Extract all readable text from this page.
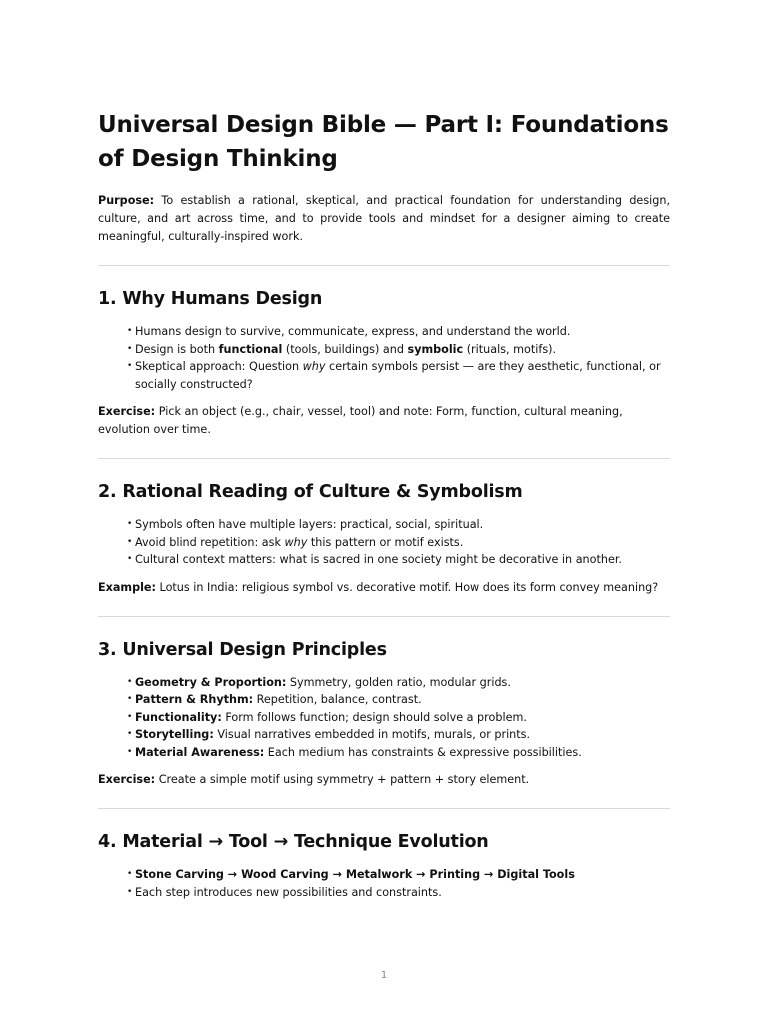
Universal Design Bible — Part I: Foundations of Design Thinking

Purpose: To establish a rational, skeptical, and practical foundation for understanding design, culture, and art across time, and to provide tools and mindset for a designer aiming to create meaningful, culturally-inspired work.

1. Why Humans Design
• Humans design to survive, communicate, express, and understand the world.
• Design is both functional (tools, buildings) and symbolic (rituals, motifs).
• Skeptical approach: Question why certain symbols persist — are they aesthetic, functional, or socially constructed?

Exercise: Pick an object (e.g., chair, vessel, tool) and note: Form, function, cultural meaning, evolution over time.

2. Rational Reading of Culture & Symbolism
• Symbols often have multiple layers: practical, social, spiritual.
• Avoid blind repetition: ask why this pattern or motif exists.
• Cultural context matters: what is sacred in one society might be decorative in another.

Example: Lotus in India: religious symbol vs. decorative motif. How does its form convey meaning?

3. Universal Design Principles
• Geometry & Proportion: Symmetry, golden ratio, modular grids.
• Pattern & Rhythm: Repetition, balance, contrast.
• Functionality: Form follows function; design should solve a problem.
• Storytelling: Visual narratives embedded in motifs, murals, or prints.
• Material Awareness: Each medium has constraints & expressive possibilities.

Exercise: Create a simple motif using symmetry + pattern + story element.

4. Material → Tool → Technique Evolution
• Stone Carving → Wood Carving → Metalwork → Printing → Digital Tools
• Each step introduces new possibilities and constraints.
1
